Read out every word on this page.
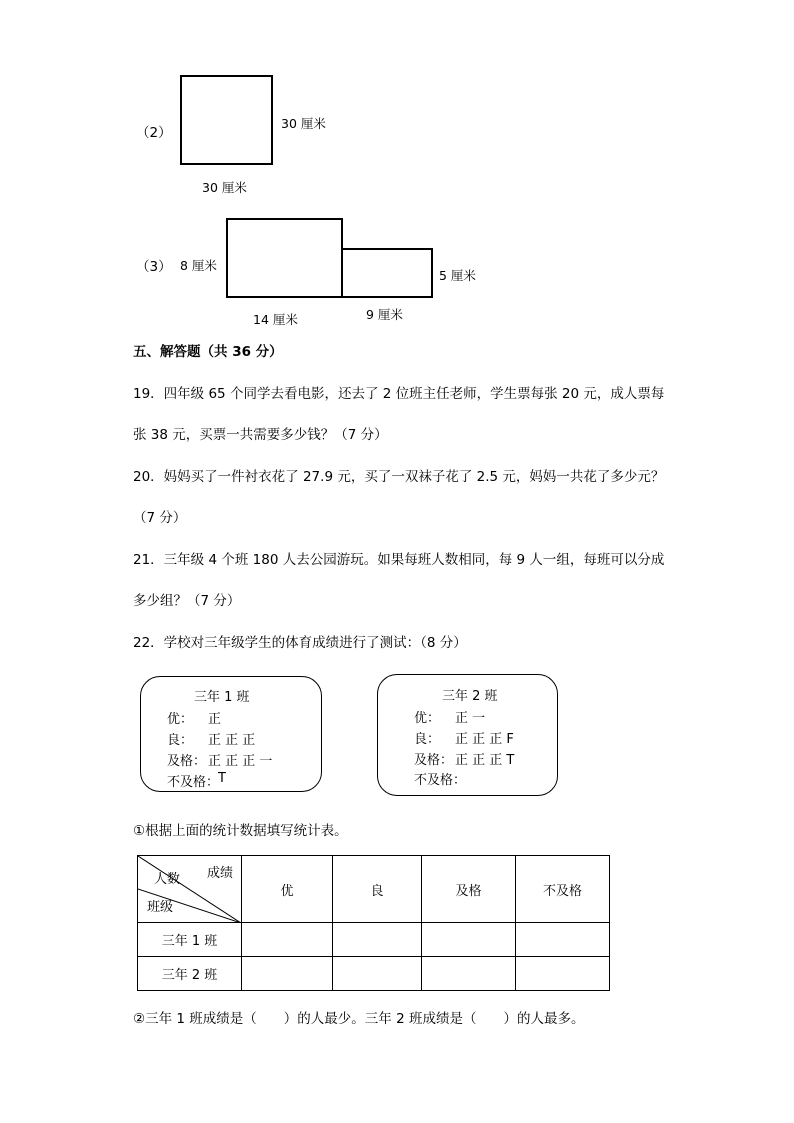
（2）
30 厘米
30 厘米
（3） 8 厘米
5 厘米
14 厘米	9 厘米
五、解答题（共 36 分）
19．四年级 65 个同学去看电影，还去了 2 位班主任老师，学生票每张 20 元，成人票每
张 38 元，买票一共需要多少钱？（7 分）
20．妈妈买了一件衬衣花了 27.9 元，买了一双袜子花了 2.5 元，妈妈一共花了多少元？
（7 分）
21．三年级 4 个班 180 人去公园游玩。如果每班人数相同，每 9 人一组，每班可以分成
多少组？（7 分）
22．学校对三年级学生的体育成绩进行了测试：（8 分）
三年 1 班
优： 正
良： 正 正 正
及格： 正 正 正 一
不及格：
T
三年 2 班
优： 正 一
良： 正 正 正 F
及格： 正 正 正 T
不及格：
①根据上面的统计数据填写统计表。
成绩
人数
班级	优	良	及格	不及格
三年 1 班				
三年 2 班				
②三年 1 班成绩是（　　）的人最少。三年 2 班成绩是（　　）的人最多。
